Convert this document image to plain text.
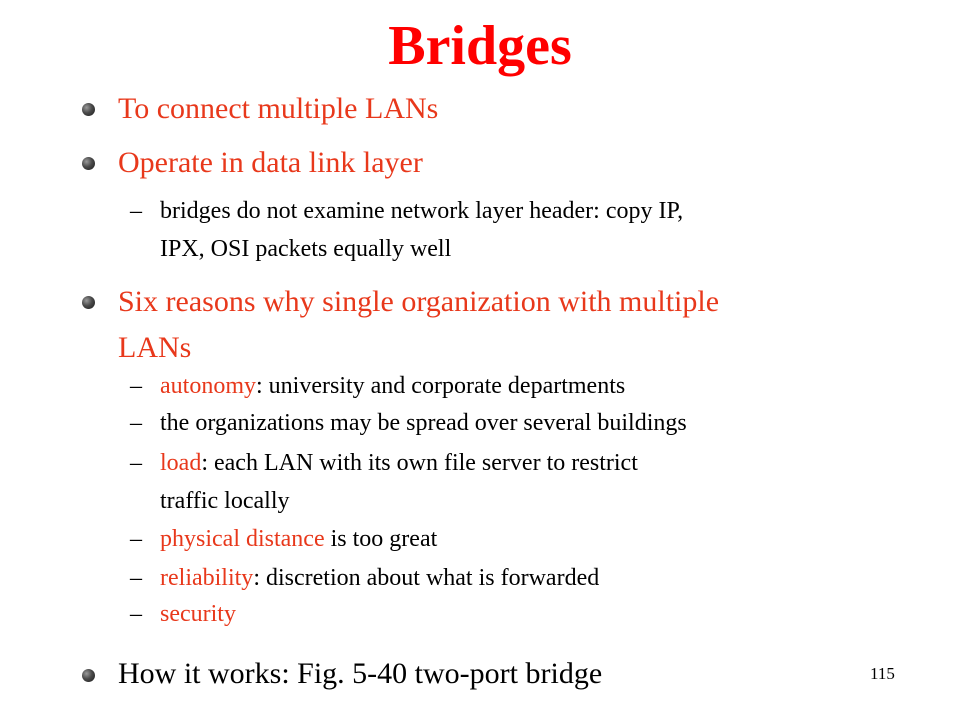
Bridges
To connect multiple LANs
Operate in data link layer
– bridges do not examine network layer header: copy IP,
IPX, OSI packets equally well
Six reasons why single organization with multiple
LANs
– autonomy: university and corporate departments
– the organizations may be spread over several buildings
– load: each LAN with its own file server to restrict
traffic locally
– physical distance is too great
– reliability: discretion about what is forwarded
– security
How it works: Fig. 5-40 two-port bridge	115
